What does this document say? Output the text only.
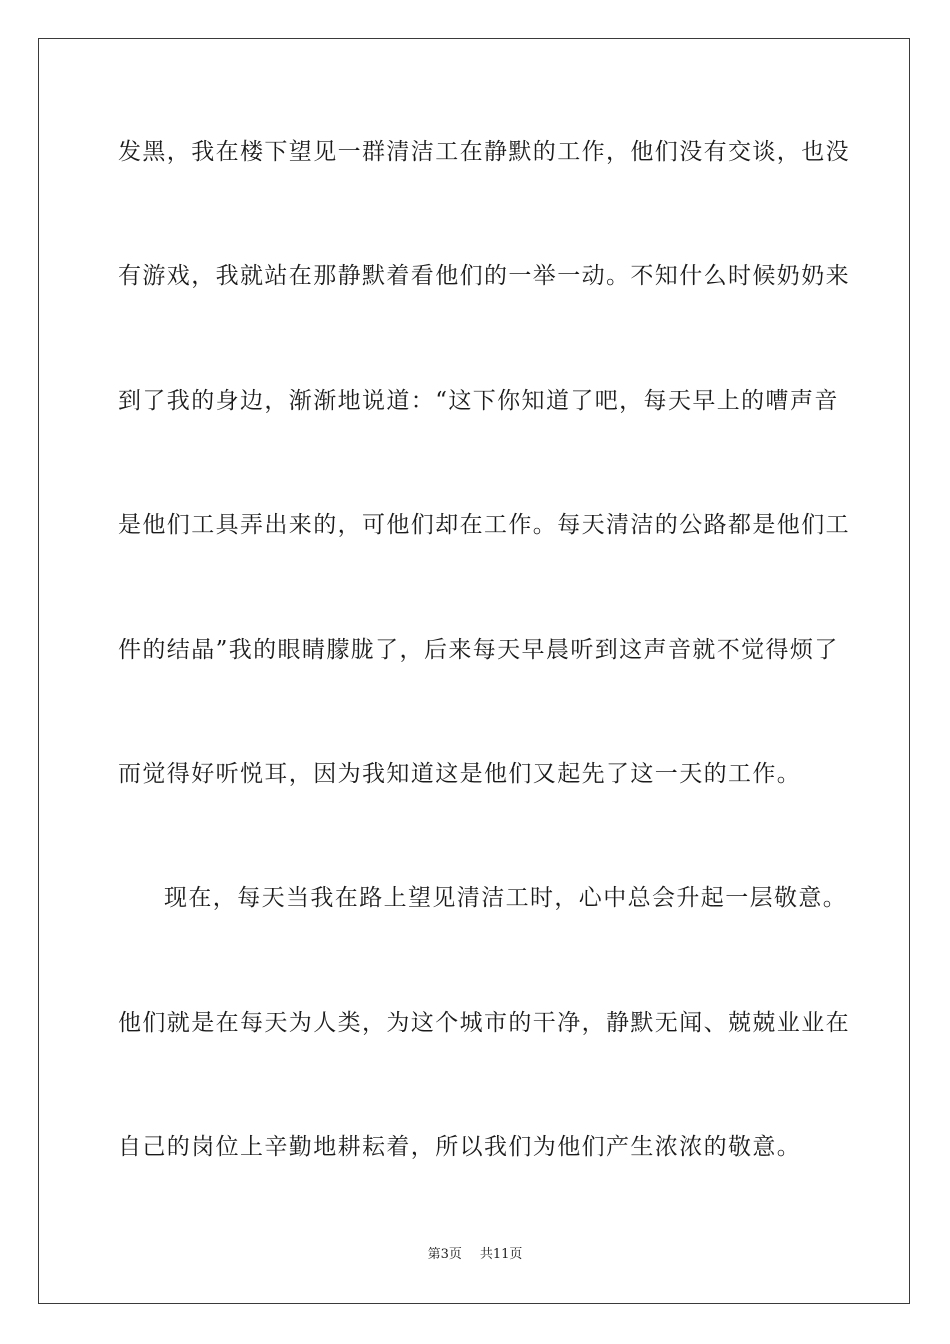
发黑，我在楼下望见一群清洁工在静默的工作，他们没有交谈，也没
有游戏，我就站在那静默着看他们的一举一动。不知什么时候奶奶来
到了我的身边，渐渐地说道：“这下你知道了吧，每天早上的嘈声音
是他们工具弄出来的，可他们却在工作。每天清洁的公路都是他们工
件的结晶”我的眼睛朦胧了，后来每天早晨听到这声音就不觉得烦了
而觉得好听悦耳，因为我知道这是他们又起先了这一天的工作。
现在，每天当我在路上望见清洁工时，心中总会升起一层敬意。
他们就是在每天为人类，为这个城市的干净，静默无闻、兢兢业业在
自己的岗位上辛勤地耕耘着，所以我们为他们产生浓浓的敬意。
第3页 共11页
